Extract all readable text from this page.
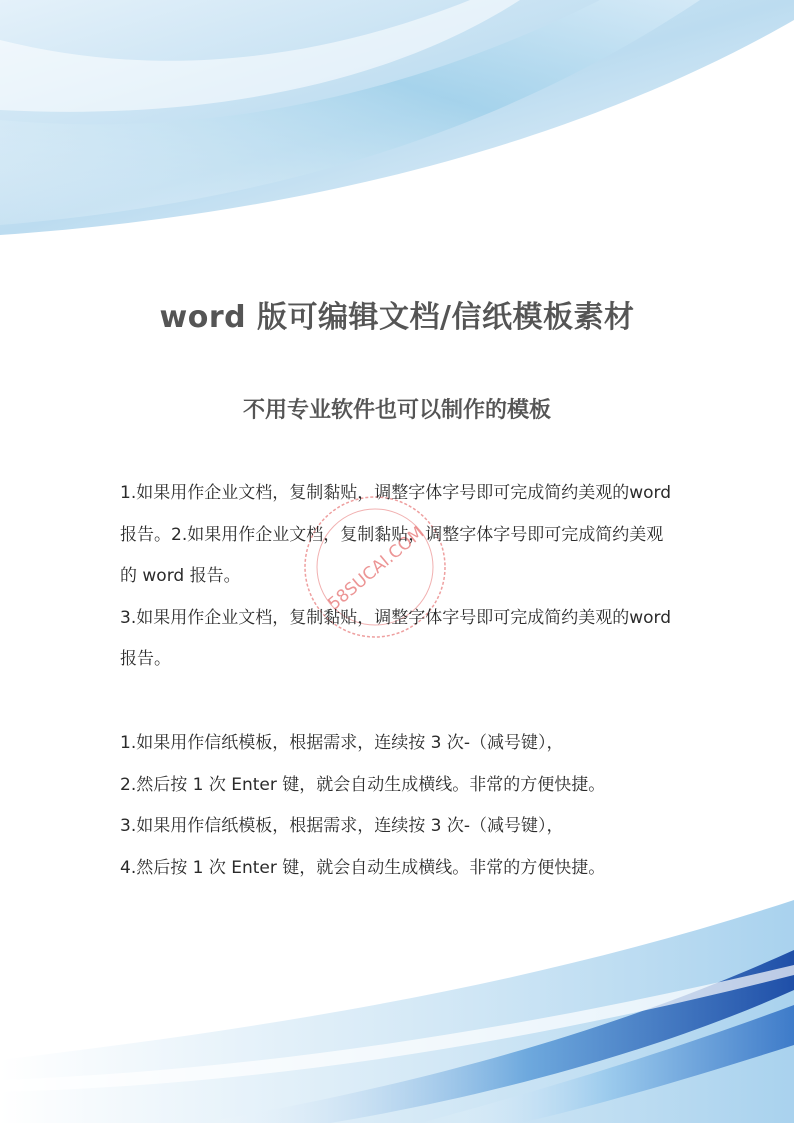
58SUCAI.COM
word 版可编辑文档/信纸模板素材
不用专业软件也可以制作的模板

1.如果用作企业文档，复制黏贴，调整字体字号即可完成简约美观的word 报告。2.如果用作企业文档，复制黏贴，调整字体字号即可完成简约美观的 word 报告。

3.如果用作企业文档，复制黏贴，调整字体字号即可完成简约美观的word 报告。

1.如果用作信纸模板，根据需求，连续按 3 次-（减号键），

2.然后按 1 次 Enter 键，就会自动生成横线。非常的方便快捷。

3.如果用作信纸模板，根据需求，连续按 3 次-（减号键），

4.然后按 1 次 Enter 键，就会自动生成横线。非常的方便快捷。
